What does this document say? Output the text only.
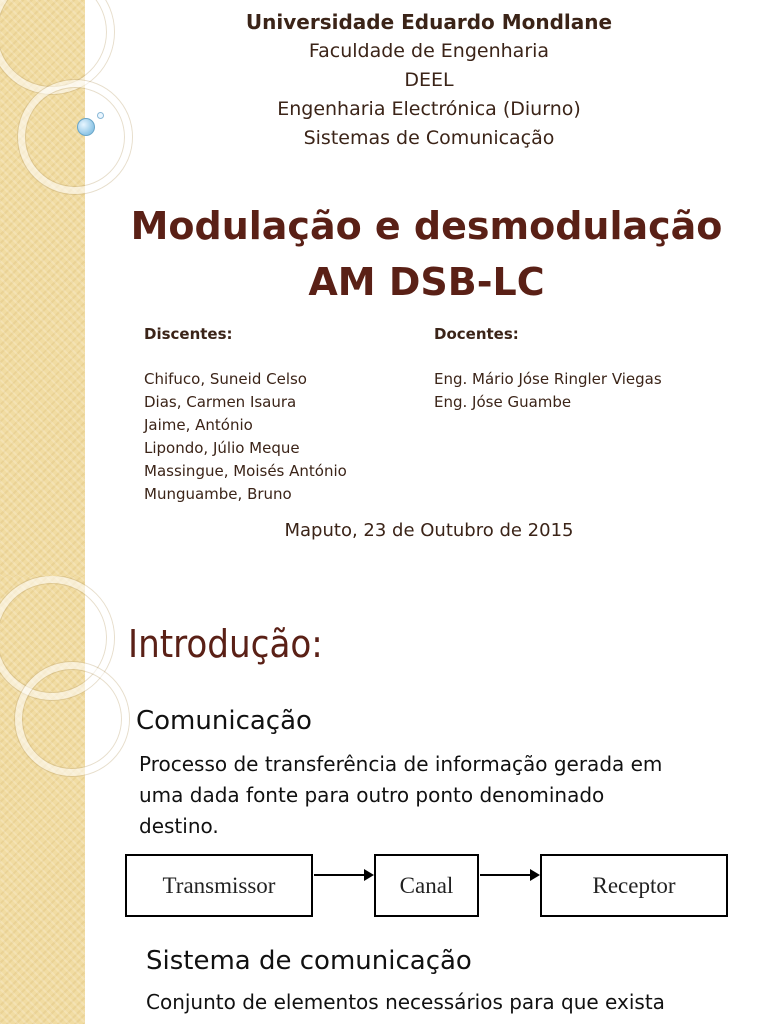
Universidade Eduardo Mondlane
Faculdade de Engenharia
DEEL
Engenharia Electrónica (Diurno)
Sistemas de Comunicação
Modulação e desmodulação
AM DSB-LC
Discentes:
Chifuco, Suneid Celso
Dias, Carmen Isaura
Jaime, António
Lipondo, Júlio Meque
Massingue, Moisés António
Munguambe, Bruno
Docentes:
Eng. Mário Jóse Ringler Viegas
Eng. Jóse Guambe
Maputo, 23 de Outubro de 2015
Introdução:
Comunicação
Processo de transferência de informação gerada em
uma dada fonte para outro ponto denominado
destino.
Transmissor	Canal	Receptor
Sistema de comunicação
Conjunto de elementos necessários para que exista
